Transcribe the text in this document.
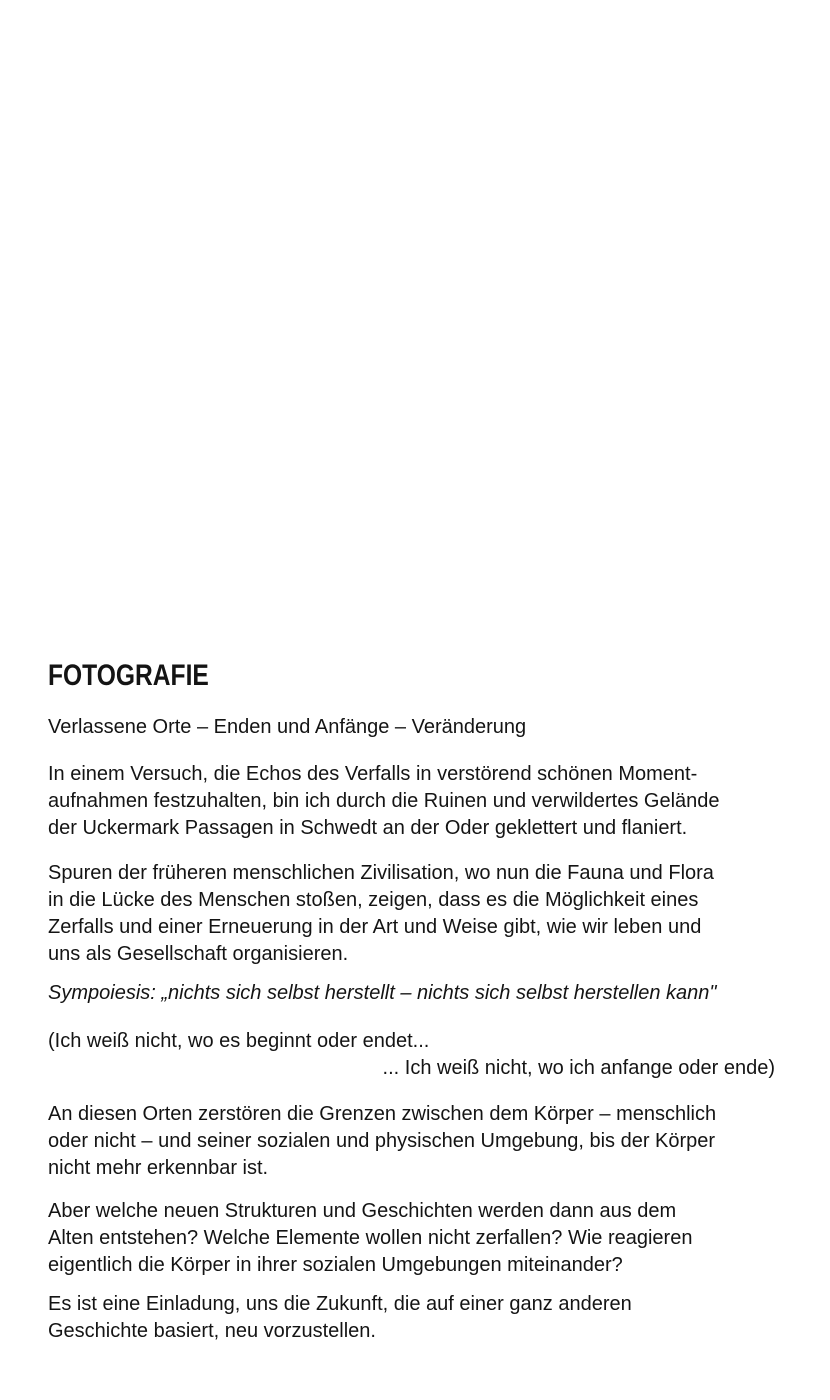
FOTOGRAFIE
Verlassene Orte – Enden und Anfänge – Veränderung
In einem Versuch, die Echos des Verfalls in verstörend schönen Moment-
aufnahmen festzuhalten, bin ich durch die Ruinen und verwildertes Gelände
der Uckermark Passagen in Schwedt an der Oder geklettert und flaniert.
Spuren der früheren menschlichen Zivilisation, wo nun die Fauna und Flora
in die Lücke des Menschen stoßen, zeigen, dass es die Möglichkeit eines
Zerfalls und einer Erneuerung in der Art und Weise gibt, wie wir leben und
uns als Gesellschaft organisieren.
Sympoiesis: „nichts sich selbst herstellt – nichts sich selbst herstellen kann"
(Ich weiß nicht, wo es beginnt oder endet...
... Ich weiß nicht, wo ich anfange oder ende)
An diesen Orten zerstören die Grenzen zwischen dem Körper – menschlich
oder nicht – und seiner sozialen und physischen Umgebung, bis der Körper
nicht mehr erkennbar ist.
Aber welche neuen Strukturen und Geschichten werden dann aus dem
Alten entstehen? Welche Elemente wollen nicht zerfallen? Wie reagieren
eigentlich die Körper in ihrer sozialen Umgebungen miteinander?
Es ist eine Einladung, uns die Zukunft, die auf einer ganz anderen
Geschichte basiert, neu vorzustellen.
